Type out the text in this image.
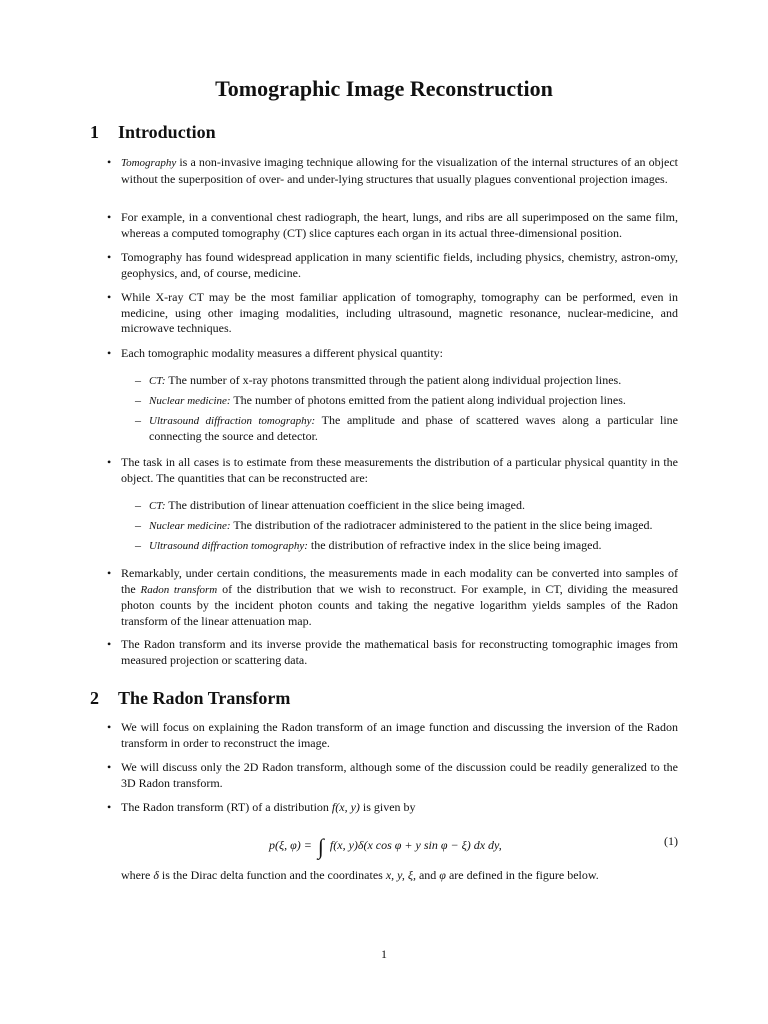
Tomographic Image Reconstruction
1 Introduction
• Tomography is a non-invasive imaging technique allowing for the visualization of the internal structures of an object without the superposition of over- and under-lying structures that usually plagues conventional projection images.
• For example, in a conventional chest radiograph, the heart, lungs, and ribs are all superimposed on the same film, whereas a computed tomography (CT) slice captures each organ in its actual three-dimensional position.
• Tomography has found widespread application in many scientific fields, including physics, chemistry, astron-omy, geophysics, and, of course, medicine.
• While X-ray CT may be the most familiar application of tomography, tomography can be performed, even in medicine, using other imaging modalities, including ultrasound, magnetic resonance, nuclear-medicine, and microwave techniques.
• Each tomographic modality measures a different physical quantity:
– CT: The number of x-ray photons transmitted through the patient along individual projection lines.
– Nuclear medicine: The number of photons emitted from the patient along individual projection lines.
– Ultrasound diffraction tomography: The amplitude and phase of scattered waves along a particular line connecting the source and detector.
• The task in all cases is to estimate from these measurements the distribution of a particular physical quantity in the object. The quantities that can be reconstructed are:
– CT: The distribution of linear attenuation coefficient in the slice being imaged.
– Nuclear medicine: The distribution of the radiotracer administered to the patient in the slice being imaged.
– Ultrasound diffraction tomography: the distribution of refractive index in the slice being imaged.
• Remarkably, under certain conditions, the measurements made in each modality can be converted into samples of the Radon transform of the distribution that we wish to reconstruct. For example, in CT, dividing the measured photon counts by the incident photon counts and taking the negative logarithm yields samples of the Radon transform of the linear attenuation map.
• The Radon transform and its inverse provide the mathematical basis for reconstructing tomographic images from measured projection or scattering data.
2 The Radon Transform
• We will focus on explaining the Radon transform of an image function and discussing the inversion of the Radon transform in order to reconstruct the image.
• We will discuss only the 2D Radon transform, although some of the discussion could be readily generalized to the 3D Radon transform.
• The Radon transform (RT) of a distribution f(x, y) is given by
p(ξ, φ) = ∫ f(x, y)δ(x cos φ + y sin φ − ξ) dx dy,	(1)
where δ is the Dirac delta function and the coordinates x, y, ξ, and φ are defined in the figure below.
1
